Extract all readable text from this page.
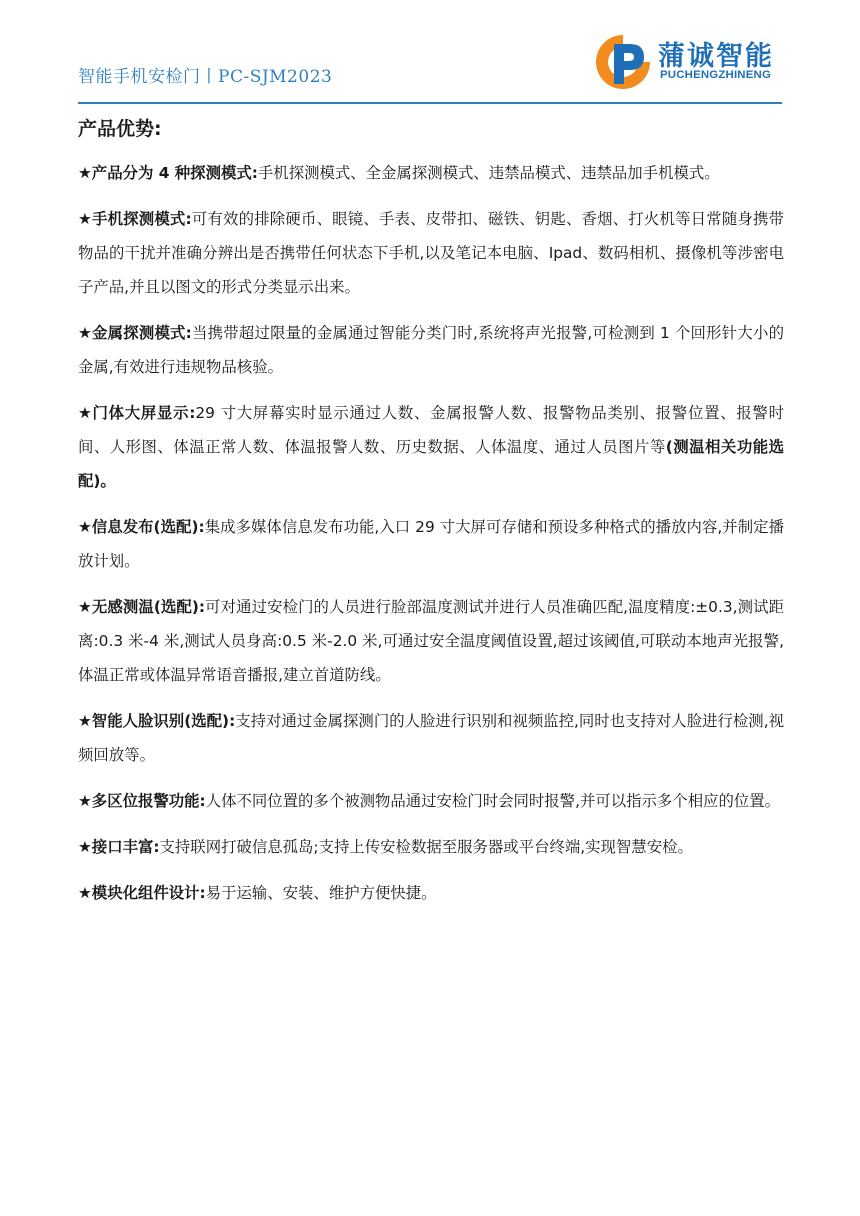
智能手机安检门丨PC-SJM2023
蒲诚智能
PUCHENGZHINENG
产品优势:

★产品分为 4 种探测模式:手机探测模式、全金属探测模式、违禁品模式、违禁品加手机模式。

★手机探测模式:可有效的排除硬币、眼镜、手表、皮带扣、磁铁、钥匙、香烟、打火机等日常随身携带物品的干扰并准确分辨出是否携带任何状态下手机,以及笔记本电脑、Ipad、数码相机、摄像机等涉密电子产品,并且以图文的形式分类显示出来。

★金属探测模式:当携带超过限量的金属通过智能分类门时,系统将声光报警,可检测到 1 个回形针大小的金属,有效进行违规物品核验。

★门体大屏显示:29 寸大屏幕实时显示通过人数、金属报警人数、报警物品类别、报警位置、报警时间、人形图、体温正常人数、体温报警人数、历史数据、人体温度、通过人员图片等(测温相关功能选配)。

★信息发布(选配):集成多媒体信息发布功能,入口 29 寸大屏可存储和预设多种格式的播放内容,并制定播放计划。

★无感测温(选配):可对通过安检门的人员进行脸部温度测试并进行人员准确匹配,温度精度:±0.3,测试距离:0.3 米-4 米,测试人员身高:0.5 米-2.0 米,可通过安全温度阈值设置,超过该阈值,可联动本地声光报警,体温正常或体温异常语音播报,建立首道防线。

★智能人脸识别(选配):支持对通过金属探测门的人脸进行识别和视频监控,同时也支持对人脸进行检测,视频回放等。

★多区位报警功能:人体不同位置的多个被测物品通过安检门时会同时报警,并可以指示多个相应的位置。

★接口丰富:支持联网打破信息孤岛;支持上传安检数据至服务器或平台终端,实现智慧安检。

★模块化组件设计:易于运输、安装、维护方便快捷。
